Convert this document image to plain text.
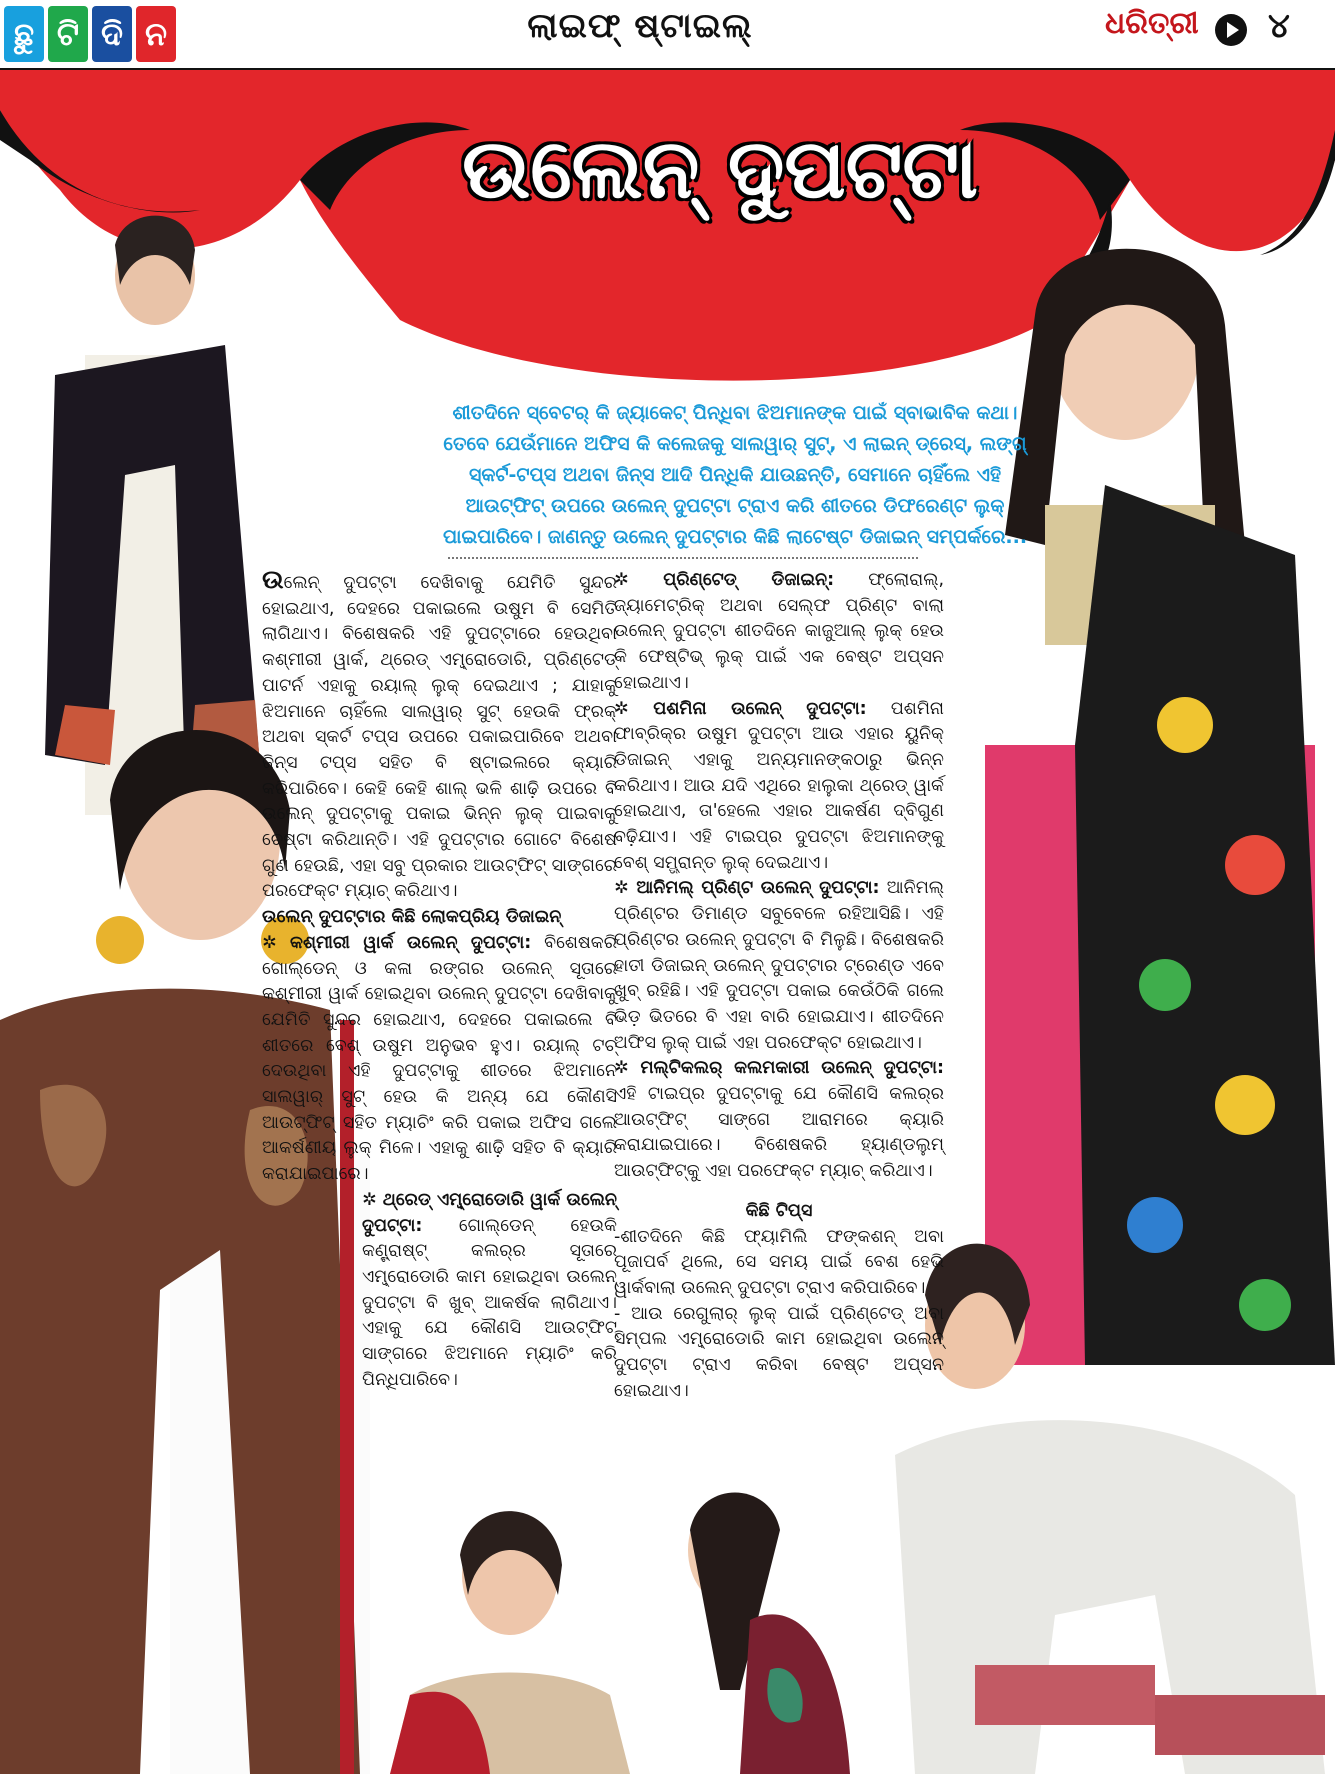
ଛୁ ଟି ଦି ନ	ଲାଇଫ୍ ଷ୍ଟାଇଲ୍	ଧରିତ୍ରୀ ୪
ଉଲେନ୍ ଦୁପଟ୍ଟା
ଶୀତଦିନେ ସ୍ବେଟର୍ କି ଜ୍ୟାକେଟ୍ ପିନ୍ଧିବା ଝିଅମାନଙ୍କ ପାଇଁ ସ୍ବାଭାବିକ କଥା। ତେବେ ଯେଉଁମାନେ ଅଫିସ କି କଲେଜକୁ ସାଲୱାର୍ ସୁଟ୍, ଏ ଲାଇନ୍ ଡ୍ରେସ୍, ଲଙ୍ଗ୍ ସ୍କର୍ଟ-ଟପ୍ସ ଅଥବା ଜିନ୍ସ ଆଦି ପିନ୍ଧିକି ଯାଉଛନ୍ତି, ସେମାନେ ଚାହିଁଲେ ଏହି ଆଉଟ୍‌ଫିଟ୍ ଉପରେ ଉଲେନ୍ ଦୁପଟ୍ଟା ଟ୍ରାଏ କରି ଶୀତରେ ଡିଫରେଣ୍ଟ ଲୁକ୍ ପାଇପାରିବେ। ଜାଣନ୍ତୁ ଉଲେନ୍ ଦୁପଟ୍ଟାର କିଛି ଲାଟେଷ୍ଟ ଡିଜାଇନ୍ ସମ୍ପର୍କରେ...

ଉଲେନ୍ ଦୁପଟ୍ଟା ଦେଖିବାକୁ ଯେମିତି ସୁନ୍ଦର ହୋଇଥାଏ, ଦେହରେ ପକାଇଲେ ଉଷୁମ ବି ସେମିତି ଲାଗିଥାଏ। ବିଶେଷକରି ଏହି ଦୁପଟ୍ଟାରେ ହେଉଥିବା କଶ୍ମୀରୀ ୱାର୍କ, ଥ୍ରେଡ୍ ଏମ୍ବ୍ରୋଡୋରି, ପ୍ରିଣ୍ଟେଡ୍ ପାଟର୍ନ ଏହାକୁ ରୟାଲ୍ ଲୁକ୍ ଦେଇଥାଏ ; ଯାହାକୁ ଝିଅମାନେ ଚାହିଁଲେ ସାଲୱାର୍ ସୁଟ୍ ହେଉକି ଫ୍ରକ୍ ଅଥବା ସ୍କର୍ଟ ଟପ୍ସ ଉପରେ ପକାଇପାରିବେ ଅଥବା ଜିନ୍ସ ଟପ୍ସ ସହିତ ବି ଷ୍ଟାଇଲରେ କ୍ୟାରି କରିପାରିବେ। କେହି କେହି ଶାଲ୍ ଭଳି ଶାଢ଼ି ଉପରେ ବି ଉଲେନ୍ ଦୁପଟ୍ଟାକୁ ପକାଇ ଭିନ୍ନ ଲୁକ୍ ପାଇବାକୁ ଚେଷ୍ଟା କରିଥାନ୍ତି। ଏହି ଦୁପଟ୍ଟାର ଗୋଟେ ବିଶେଷ ଗୁଣ ହେଉଛି, ଏହା ସବୁ ପ୍ରକାର ଆଉଟ୍‌ଫିଟ୍ ସାଙ୍ଗରେ ପରଫେକ୍ଟ ମ୍ୟାଚ୍ କରିଥାଏ।

ଉଲେନ୍ ଦୁପଟ୍ଟାର କିଛି ଲୋକପ୍ରିୟ ଡିଜାଇନ୍

✲ କଶ୍ମୀରୀ ୱାର୍କ ଉଲେନ୍ ଦୁପଟ୍ଟା: ବିଶେଷକରି ଗୋଲ୍ଡେନ୍ ଓ କଳା ରଙ୍ଗର ଉଲେନ୍ ସୂତାରେ କଶ୍ମୀରୀ ୱାର୍କ ହୋଇଥିବା ଉଲେନ୍ ଦୁପଟ୍ଟା ଦେଖିବାକୁ ଯେମିତି ସୁନ୍ଦର ହୋଇଥାଏ, ଦେହରେ ପକାଇଲେ ବି ଶୀତରେ ବେଶ୍ ଉଷୁମ ଅନୁଭବ ହୁଏ। ରୟାଲ୍ ଟଚ୍ ଦେଉଥିବା ଏହି ଦୁପଟ୍ଟାକୁ ଶୀତରେ ଝିଅମାନେ ସାଲୱାର୍ ସୁଟ୍ ହେଉ କି ଅନ୍ୟ ଯେ କୌଣସି ଆଉଟ୍‌ଫିଟ୍ ସହିତ ମ୍ୟାଚିଂ କରି ପକାଇ ଅଫିସ ଗଲେ ଆକର୍ଷଣୀୟ ଲୁକ୍ ମିଳେ। ଏହାକୁ ଶାଢ଼ି ସହିତ ବି କ୍ୟାରି କରାଯାଇପାରେ।

✲ ଥ୍ରେଡ୍ ଏମ୍ବ୍ରୋଡୋରି ୱାର୍କ ଉଲେନ୍ ଦୁପଟ୍ଟା: ଗୋଲ୍ଡେନ୍ ହେଉକି କଣ୍ଟ୍ରାଷ୍ଟ୍ କଲର୍‌ର ସୂତାରେ ଏମ୍ବ୍ରୋଡୋରି କାମ ହୋଇଥିବା ଉଲେନ୍ ଦୁପଟ୍ଟା ବି ଖୁବ୍ ଆକର୍ଷକ ଲାଗିଥାଏ। ଏହାକୁ ଯେ କୌଣସି ଆଉଟ୍‌ଫିଟ୍ ସାଙ୍ଗରେ ଝିଅମାନେ ମ୍ୟାଚିଂ କରି ପିନ୍ଧିପାରିବେ।

✲ ପ୍ରିଣ୍ଟେଡ୍ ଡିଜାଇନ୍: ଫ୍ଲୋରାଲ୍, ଜ୍ୟାମେଟ୍ରିକ୍ ଅଥବା ସେଲ୍ଫ ପ୍ରିଣ୍ଟ ବାଲା ଉଲେନ୍ ଦୁପଟ୍ଟା ଶୀତଦିନେ କାଜୁଆଲ୍ ଲୁକ୍ ହେଉ କି ଫେଷ୍ଟିଭ୍ ଲୁକ୍ ପାଇଁ ଏକ ବେଷ୍ଟ ଅପ୍ସନ ହୋଇଥାଏ।

✲ ପଶମିନା ଉଲେନ୍ ଦୁପଟ୍ଟା: ପଶମିନା ଫାବ୍ରିକ୍‌ର ଉଷୁମ ଦୁପଟ୍ଟା ଆଉ ଏହାର ୟୁନିକ୍ ଡିଜାଇନ୍ ଏହାକୁ ଅନ୍ୟମାନଙ୍କଠାରୁ ଭିନ୍ନ କରିଥାଏ। ଆଉ ଯଦି ଏଥିରେ ହାଲୁକା ଥ୍ରେଡ୍ ୱାର୍କ ହୋଇଥାଏ, ତା'ହେଲେ ଏହାର ଆକର୍ଷଣ ଦ୍ବିଗୁଣ ବଢ଼ିଯାଏ। ଏହି ଟାଇପ୍‌ର ଦୁପଟ୍ଟା ଝିଅମାନଙ୍କୁ ବେଶ୍ ସମ୍ଭ୍ରାନ୍ତ ଲୁକ୍ ଦେଇଥାଏ।

✲ ଆନିମଲ୍ ପ୍ରିଣ୍ଟ ଉଲେନ୍ ଦୁପଟ୍ଟା: ଆନିମଲ୍ ପ୍ରିଣ୍ଟର ଡିମାଣ୍ଡ ସବୁବେଳେ ରହିଆସିଛି। ଏହି ପ୍ରିଣ୍ଟର ଉଲେନ୍ ଦୁପଟ୍ଟା ବି ମିଳୁଛି। ବିଶେଷକରି ହାତୀ ଡିଜାଇନ୍ ଉଲେନ୍ ଦୁପଟ୍ଟାର ଟ୍ରେଣ୍ଡ ଏବେ ଖୁବ୍ ରହିଛି। ଏହି ଦୁପଟ୍ଟା ପକାଇ କେଉଁଠିକି ଗଲେ ଭିଡ଼ ଭିତରେ ବି ଏହା ବାରି ହୋଇଯାଏ। ଶୀତଦିନେ ଅଫିସ ଲୁକ୍ ପାଇଁ ଏହା ପରଫେକ୍ଟ ହୋଇଥାଏ।

✲ ମଲ୍ଟିକଲର୍ କଲମକାରୀ ଉଲେନ୍ ଦୁପଟ୍ଟା: ଏହି ଟାଇପ୍‌ର ଦୁପଟ୍ଟାକୁ ଯେ କୌଣସି କଲର୍‌ର ଆଉଟ୍‌ଫିଟ୍ ସାଙ୍ଗେ ଆରାମରେ କ୍ୟାରି କରାଯାଇପାରେ। ବିଶେଷକରି ହ୍ୟାଣ୍ଡଲୁମ୍ ଆଉଟ୍‌ଫିଟ୍‌କୁ ଏହା ପରଫେକ୍ଟ ମ୍ୟାଚ୍ କରିଥାଏ।

କିଛି ଟିପ୍ସ

-ଶୀତଦିନେ କିଛି ଫ୍ୟାମିଲି ଫଙ୍କଶନ୍ ଅବା ପୂଜାପର୍ବ ଥିଲେ, ସେ ସମୟ ପାଇଁ ବେଶ ହେଭି ୱାର୍କବାଲା ଉଲେନ୍ ଦୁପଟ୍ଟା ଟ୍ରାଏ କରିପାରିବେ।

- ଆଉ ରେଗୁଲାର୍ ଲୁକ୍ ପାଇଁ ପ୍ରିଣ୍ଟେଡ୍ ଅବା ସିମ୍ପଲ ଏମ୍ବ୍ରୋଡୋରି କାମ ହୋଇଥିବା ଉଲେନ୍ ଦୁପଟ୍ଟା ଟ୍ରାଏ କରିବା ବେଷ୍ଟ ଅପ୍ସନ ହୋଇଥାଏ।
